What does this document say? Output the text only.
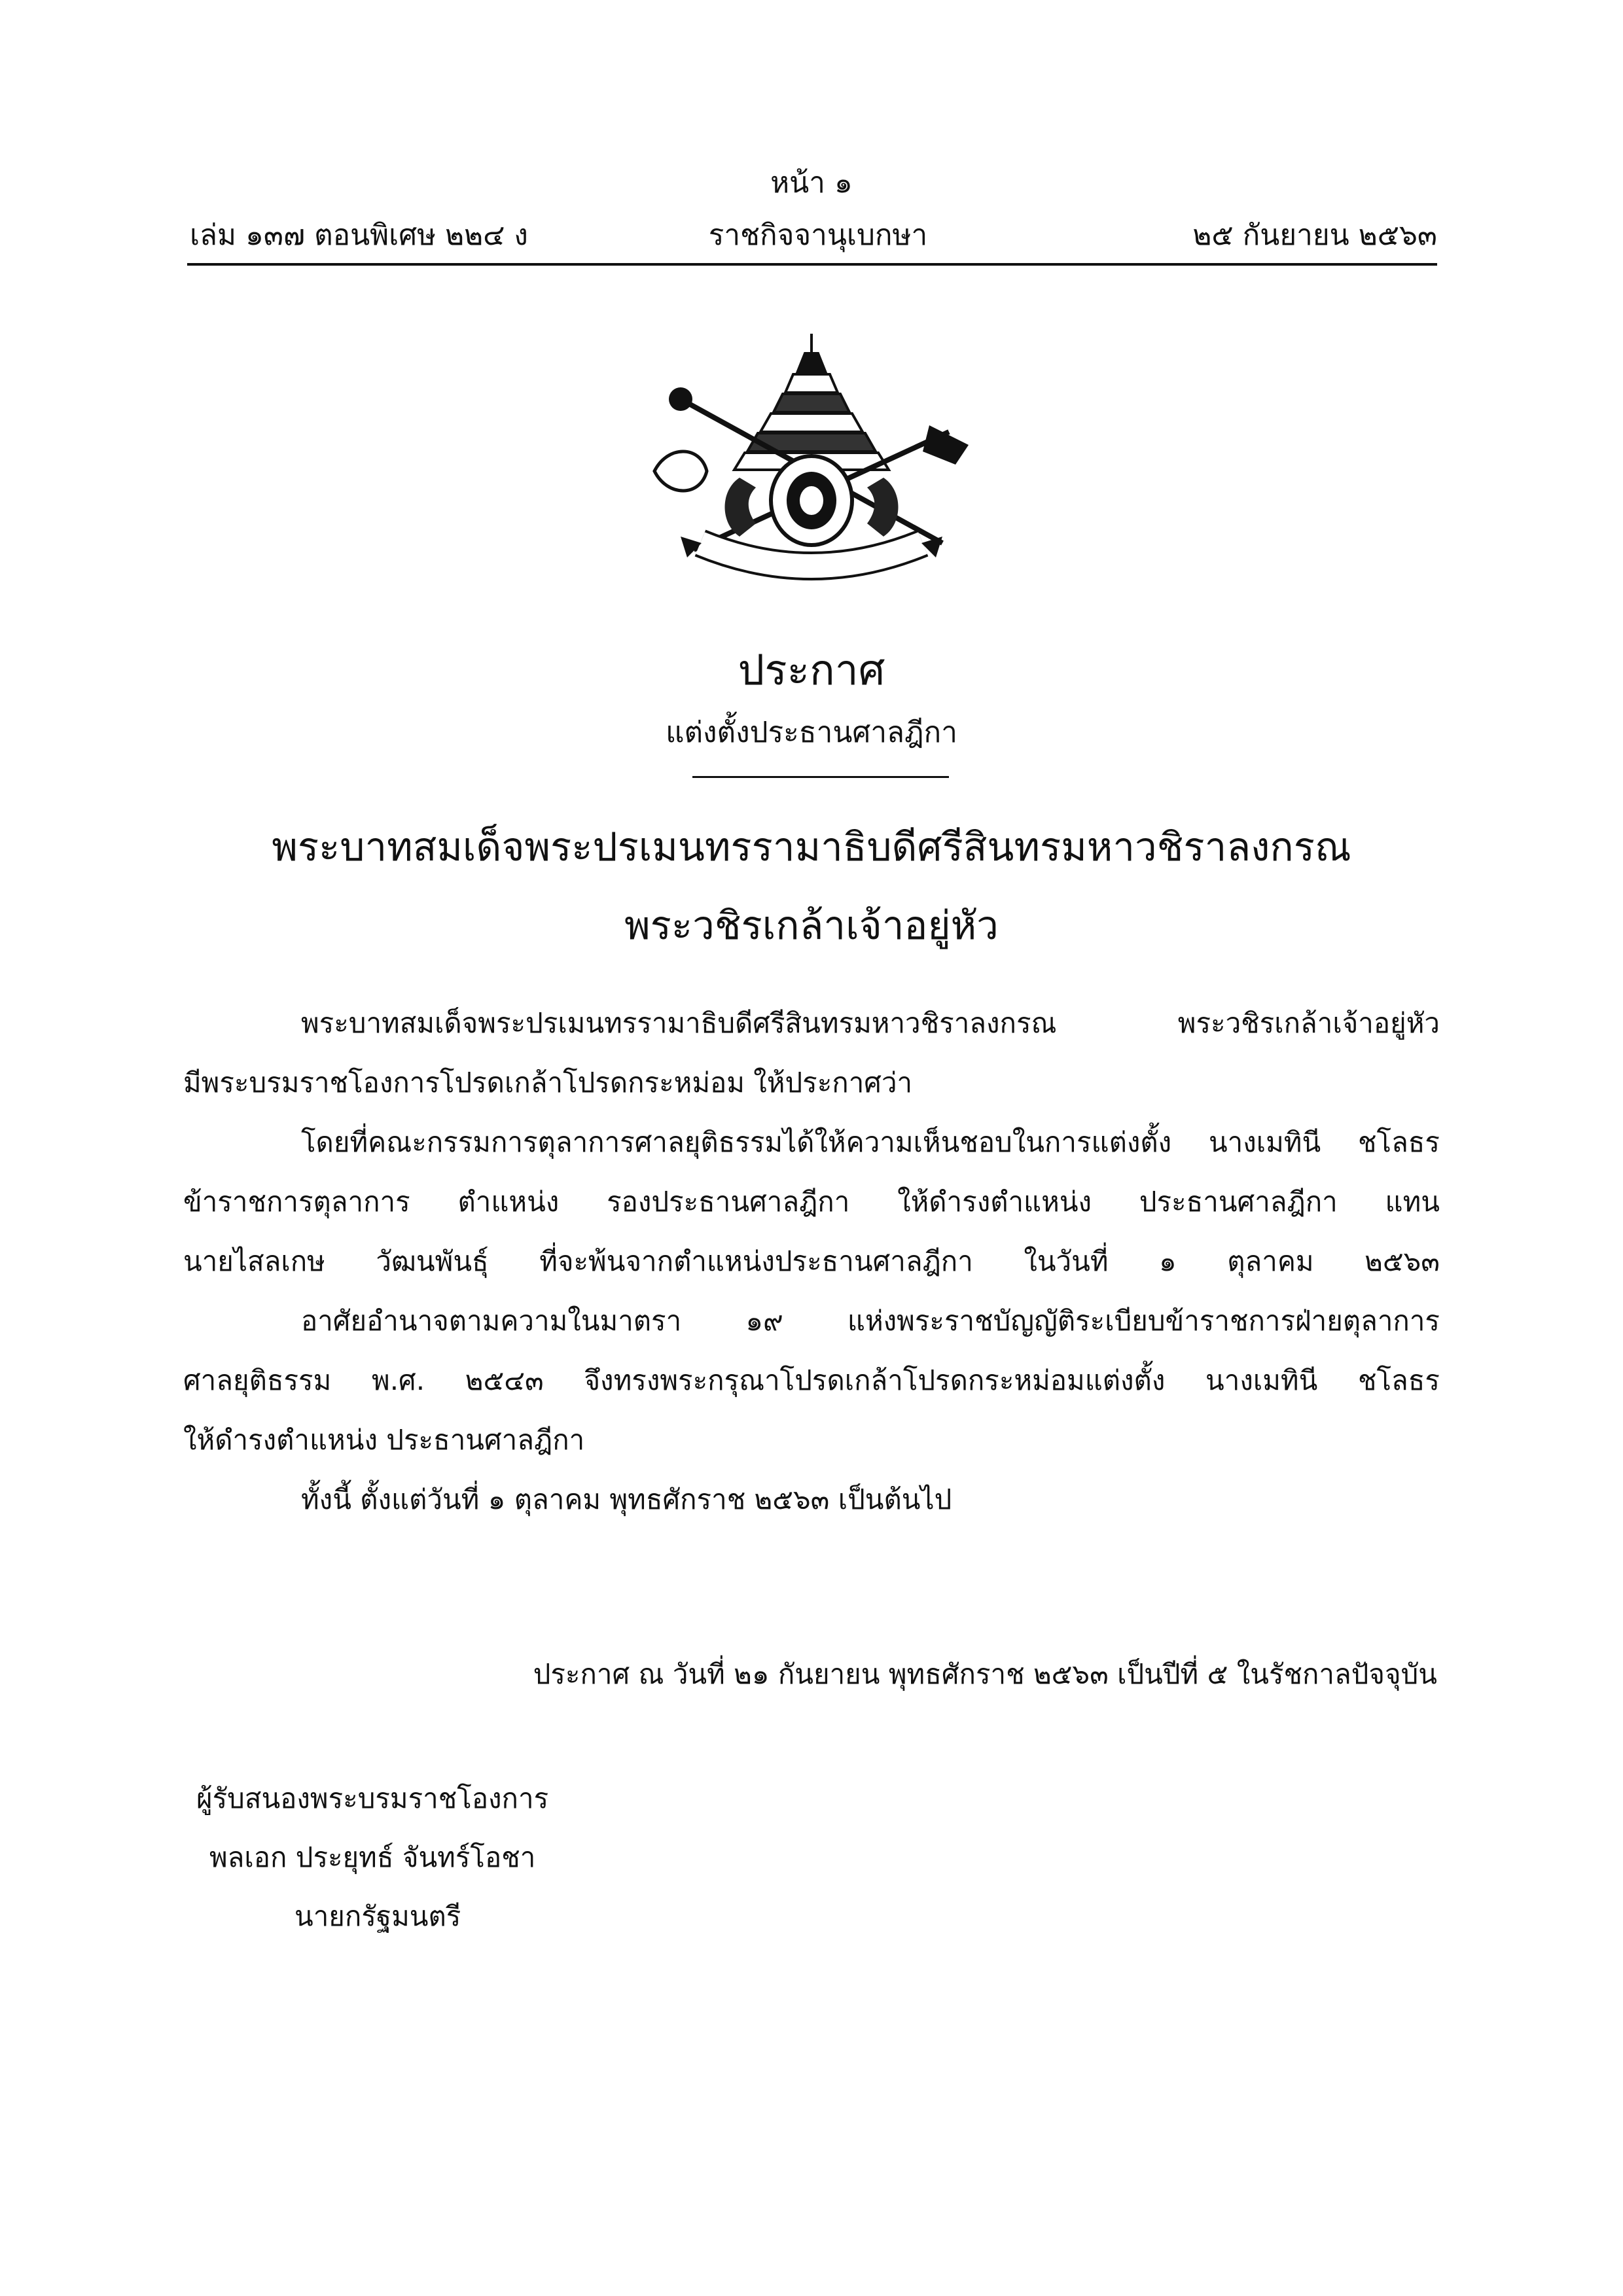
หน้า ๑
เล่ม ๑๓๗ ตอนพิเศษ ๒๒๔ ง	ราชกิจจานุเบกษา	๒๕ กันยายน ๒๕๖๓
ประกาศ
แต่งตั้งประธานศาลฎีกา
พระบาทสมเด็จพระปรเมนทรรามาธิบดีศรีสินทรมหาวชิราลงกรณ
พระวชิรเกล้าเจ้าอยู่หัว
พระบาทสมเด็จพระปรเมนทรรามาธิบดีศรีสินทรมหาวชิราลงกรณ พระวชิรเกล้าเจ้าอยู่หัว
มีพระบรมราชโองการโปรดเกล้าโปรดกระหม่อม ให้ประกาศว่า
โดยที่คณะกรรมการตุลาการศาลยุติธรรมได้ให้ความเห็นชอบในการแต่งตั้ง นางเมทินี ชโลธร
ข้าราชการตุลาการ ตำแหน่ง รองประธานศาลฎีกา ให้ดำรงตำแหน่ง ประธานศาลฎีกา แทน
นายไสลเกษ วัฒนพันธุ์ ที่จะพ้นจากตำแหน่งประธานศาลฎีกา ในวันที่ ๑ ตุลาคม ๒๕๖๓
อาศัยอำนาจตามความในมาตรา ๑๙ แห่งพระราชบัญญัติระเบียบข้าราชการฝ่ายตุลาการ
ศาลยุติธรรม พ.ศ. ๒๕๔๓ จึงทรงพระกรุณาโปรดเกล้าโปรดกระหม่อมแต่งตั้ง นางเมทินี ชโลธร
ให้ดำรงตำแหน่ง ประธานศาลฎีกา
ทั้งนี้ ตั้งแต่วันที่ ๑ ตุลาคม พุทธศักราช ๒๕๖๓ เป็นต้นไป
ประกาศ ณ วันที่ ๒๑ กันยายน พุทธศักราช ๒๕๖๓ เป็นปีที่ ๕ ในรัชกาลปัจจุบัน
ผู้รับสนองพระบรมราชโองการ
พลเอก ประยุทธ์ จันทร์โอชา
นายกรัฐมนตรี
